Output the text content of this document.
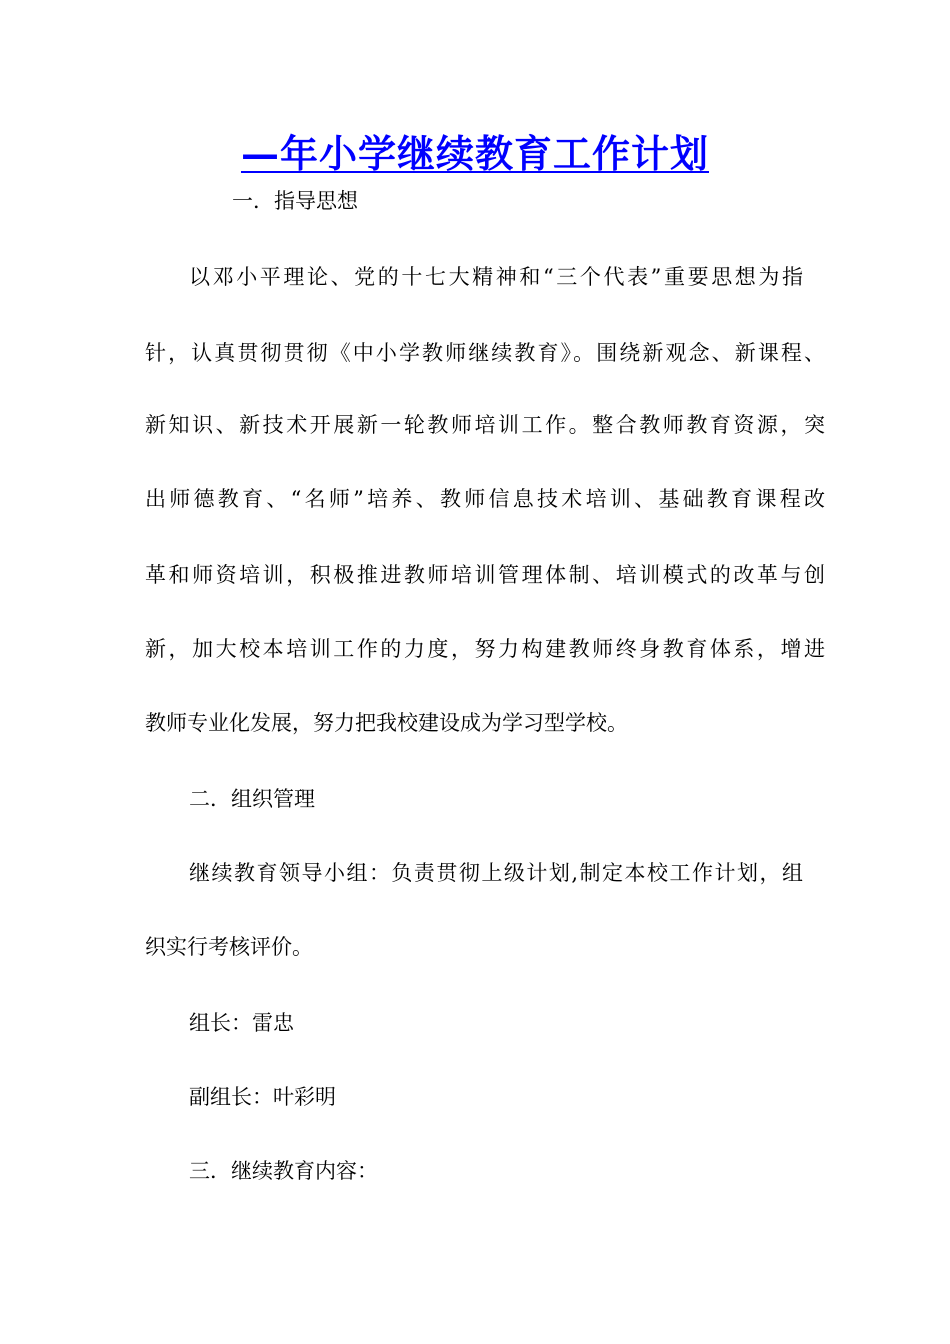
—年小学继续教育工作计划

一．指导思想

以邓小平理论、党的十七大精神和“三个代表”重要思想为指

针，认真贯彻贯彻《中小学教师继续教育》。围绕新观念、新课程、

新知识、新技术开展新一轮教师培训工作。整合教师教育资源，突

出师德教育、“名师”培养、教师信息技术培训、基础教育课程改

革和师资培训，积极推进教师培训管理体制、培训模式的改革与创

新，加大校本培训工作的力度，努力构建教师终身教育体系，增进

教师专业化发展，努力把我校建设成为学习型学校。

二．组织管理

继续教育领导小组：负责贯彻上级计划,制定本校工作计划，组

织实行考核评价。

组长：雷忠

副组长：叶彩明

三．继续教育内容：
